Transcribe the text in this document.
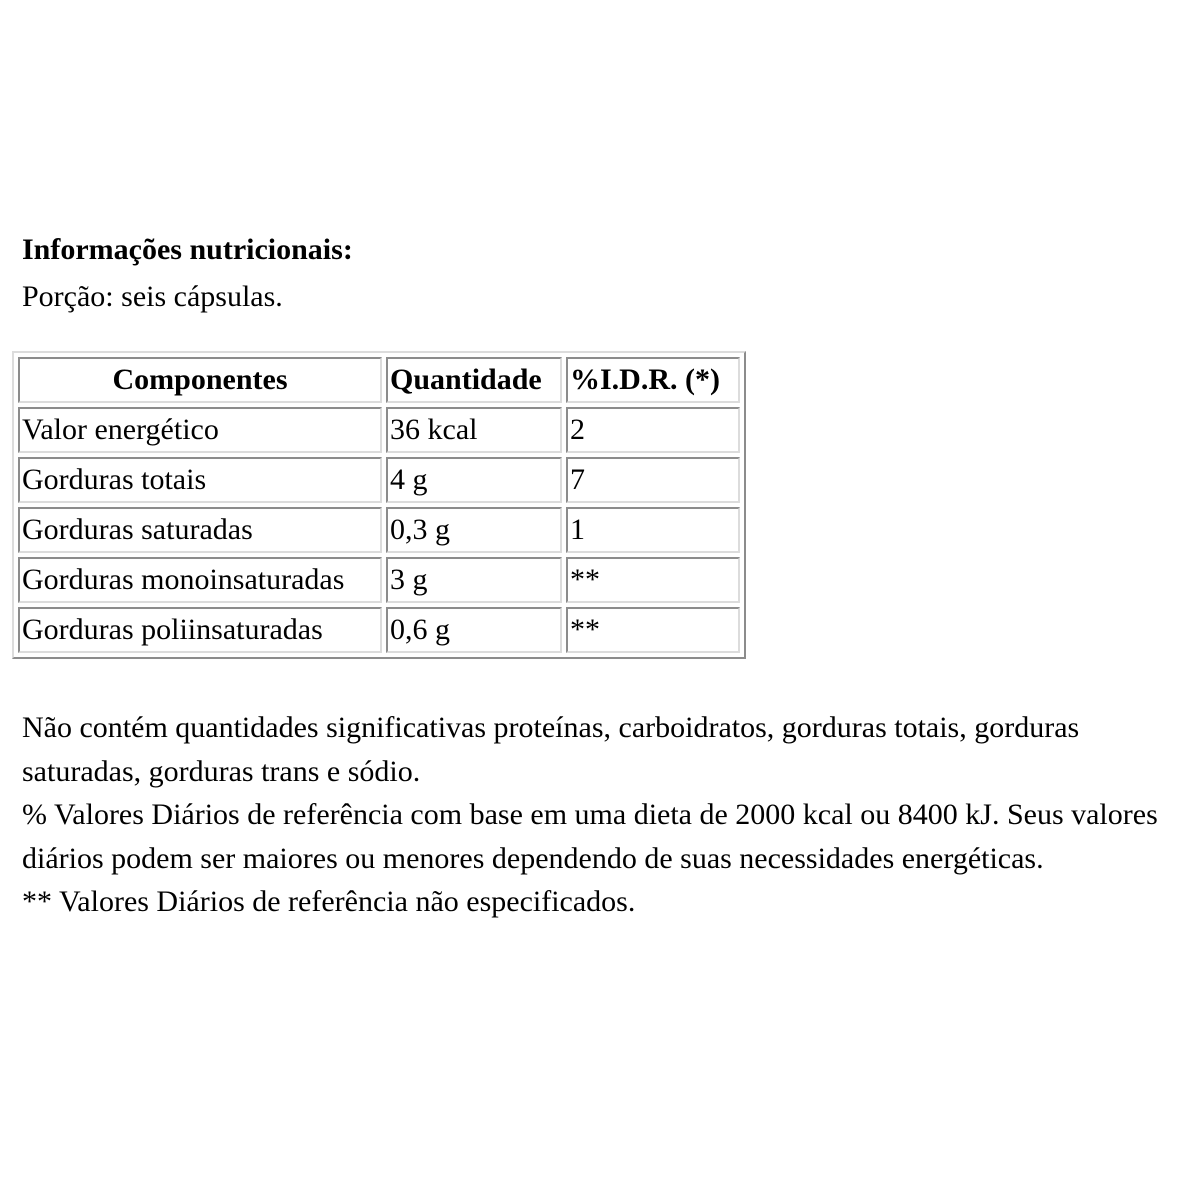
Informações nutricionais:
Porção: seis cápsulas.
Componentes	Quantidade	%I.D.R. (*)
Valor energético	36 kcal	2
Gorduras totais	4 g	7
Gorduras saturadas	0,3 g	1
Gorduras monoinsaturadas	3 g	**
Gorduras poliinsaturadas	0,6 g	**

Não contém quantidades significativas proteínas, carboidratos, gorduras totais, gorduras saturadas, gorduras trans e sódio.

% Valores Diários de referência com base em uma dieta de 2000 kcal ou 8400 kJ. Seus valores diários podem ser maiores ou menores dependendo de suas necessidades energéticas.

** Valores Diários de referência não especificados.
